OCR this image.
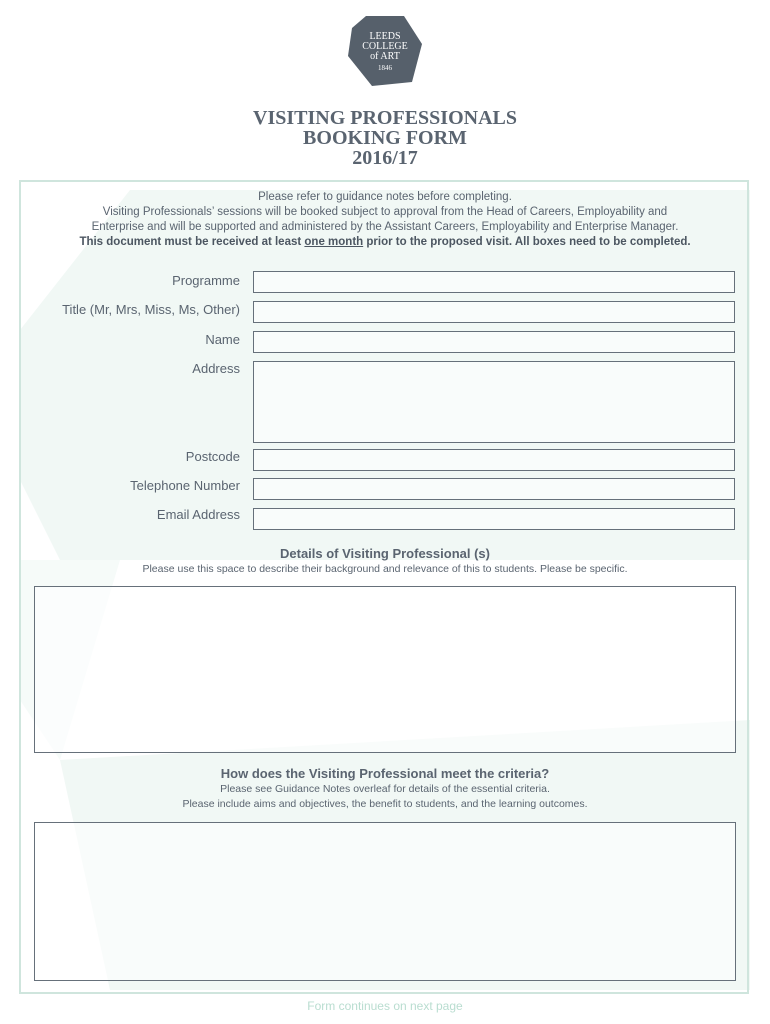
LEEDS
COLLEGE
of ART
1846
VISITING PROFESSIONALS
BOOKING FORM
2016/17
Please refer to guidance notes before completing.
Visiting Professionals’ sessions will be booked subject to approval from the Head of Careers, Employability and
Enterprise and will be supported and administered by the Assistant Careers, Employability and Enterprise Manager.
This document must be received at least one month prior to the proposed visit. All boxes need to be completed.
Programme
Title (Mr, Mrs, Miss, Ms, Other)
Name
Address
Postcode
Telephone Number
Email Address
Details of Visiting Professional (s)
Please use this space to describe their background and relevance of this to students. Please be specific.
How does the Visiting Professional meet the criteria?
Please see Guidance Notes overleaf for details of the essential criteria.
Please include aims and objectives, the benefit to students, and the learning outcomes.
Form continues on next page
